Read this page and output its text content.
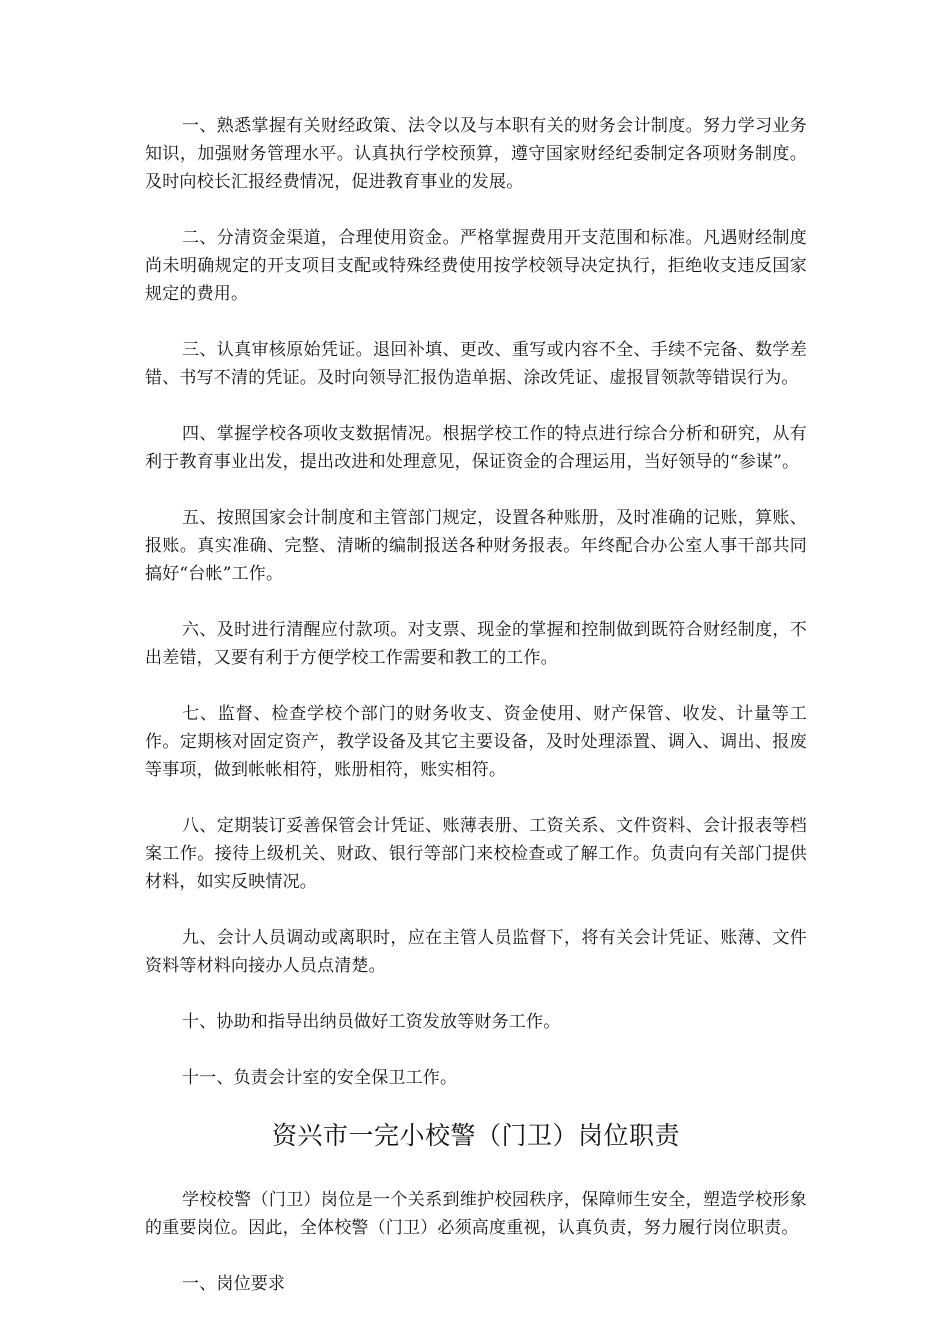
一、熟悉掌握有关财经政策、法令以及与本职有关的财务会计制度。努力学习业务知识，加强财务管理水平。认真执行学校预算，遵守国家财经纪委制定各项财务制度。及时向校长汇报经费情况，促进教育事业的发展。

二、分清资金渠道，合理使用资金。严格掌握费用开支范围和标准。凡遇财经制度尚未明确规定的开支项目支配或特殊经费使用按学校领导决定执行，拒绝收支违反国家规定的费用。

三、认真审核原始凭证。退回补填、更改、重写或内容不全、手续不完备、数学差错、书写不清的凭证。及时向领导汇报伪造单据、涂改凭证、虚报冒领款等错误行为。

四、掌握学校各项收支数据情况。根据学校工作的特点进行综合分析和研究，从有利于教育事业出发，提出改进和处理意见，保证资金的合理运用，当好领导的“参谋”。

五、按照国家会计制度和主管部门规定，设置各种账册，及时准确的记账，算账、报账。真实准确、完整、清晰的编制报送各种财务报表。年终配合办公室人事干部共同搞好“台帐”工作。

六、及时进行清醒应付款项。对支票、现金的掌握和控制做到既符合财经制度，不出差错，又要有利于方便学校工作需要和教工的工作。

七、监督、检查学校个部门的财务收支、资金使用、财产保管、收发、计量等工作。定期核对固定资产，教学设备及其它主要设备，及时处理添置、调入、调出、报废等事项，做到帐帐相符，账册相符，账实相符。

八、定期装订妥善保管会计凭证、账薄表册、工资关系、文件资料、会计报表等档案工作。接待上级机关、财政、银行等部门来校检查或了解工作。负责向有关部门提供材料，如实反映情况。

九、会计人员调动或离职时，应在主管人员监督下，将有关会计凭证、账薄、文件资料等材料向接办人员点清楚。

十、协助和指导出纳员做好工资发放等财务工作。

十一、负责会计室的安全保卫工作。

资兴市一完小校警（门卫）岗位职责

学校校警（门卫）岗位是一个关系到维护校园秩序，保障师生安全，塑造学校形象的重要岗位。因此，全体校警（门卫）必须高度重视，认真负责，努力履行岗位职责。

一、岗位要求
